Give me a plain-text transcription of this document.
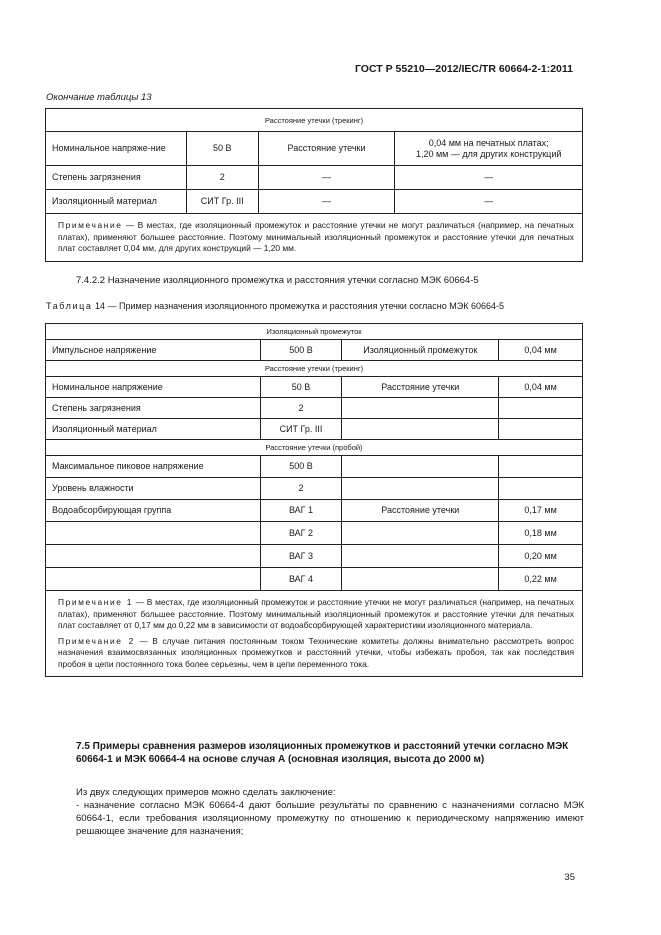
ГОСТ Р 55210—2012/IEC/TR 60664-2-1:2011
Окончание таблицы 13
Расстояние утечки (трекинг)			
Номинальное напряже-ние	50 В	Расстояние утечки	0,04 мм на печатных платах;
1,20 мм — для других конструкций
Степень загрязнения	2	—	—
Изоляционный материал	СИТ Гр. III	—	—
Примечание — В местах, где изоляционный промежуток и расстояние утечки не могут различаться (например, на печатных платах), применяют большее расстояние. Поэтому минимальный изоляционный промежуток и расстояние утечки для печатных плат составляет 0,04 мм, для других конструкций — 1,20 мм.			
7.4.2.2 Назначение изоляционного промежутка и расстояния утечки согласно МЭК 60664-5
Таблица 14 — Пример назначения изоляционного промежутка и расстояния утечки согласно МЭК 60664-5
Изоляционный промежуток			
Импульсное напряжение	500 В	Изоляционный промежуток	0,04 мм
Расстояние утечки (трекинг)			
Номинальное напряжение	50 В	Расстояние утечки	0,04 мм
Степень загрязнения	2		
Изоляционный материал	СИТ Гр. III		
Расстояние утечки (пробой)			
Максимальное пиковое напряжение	500 В		
Уровень влажности	2		
Водоабсорбирующая группа	ВАГ 1	Расстояние утечки	0,17 мм
	ВАГ 2		0,18 мм
	ВАГ 3		0,20 мм
	ВАГ 4		0,22 мм

Примечание 1 — В местах, где изоляционный промежуток и расстояние утечки не могут различаться (например, на печатных платах), применяют большее расстояние. Поэтому минимальный изоляционный промежуток и расстояние утечки для печатных плат составляет от 0,17 мм до 0,22 мм в зависимости от водоабсорбирующей характеристики изоляционного материала.
Примечание 2 — В случае питания постоянным током Технические комитеты должны внимательно рассмотреть вопрос назначения взаимосвязанных изоляционных промежутков и расстояний утечки, чтобы избежать пробоя, так как последствия пробоя в цепи постоянного тока более серьезны, чем в цепи переменного тока.			
7.5 Примеры сравнения размеров изоляционных промежутков и расстояний утечки согласно МЭК 60664-1 и МЭК 60664-4 на основе случая А (основная изоляция, высота до 2000 м)

Из двух следующих примеров можно сделать заключение:

- назначение согласно МЭК 60664-4 дают большие результаты по сравнению с назначениями согласно МЭК 60664-1, если требования изоляционному промежутку по отношению к периодическому напряжению имеют решающее значение для назначения;

35
